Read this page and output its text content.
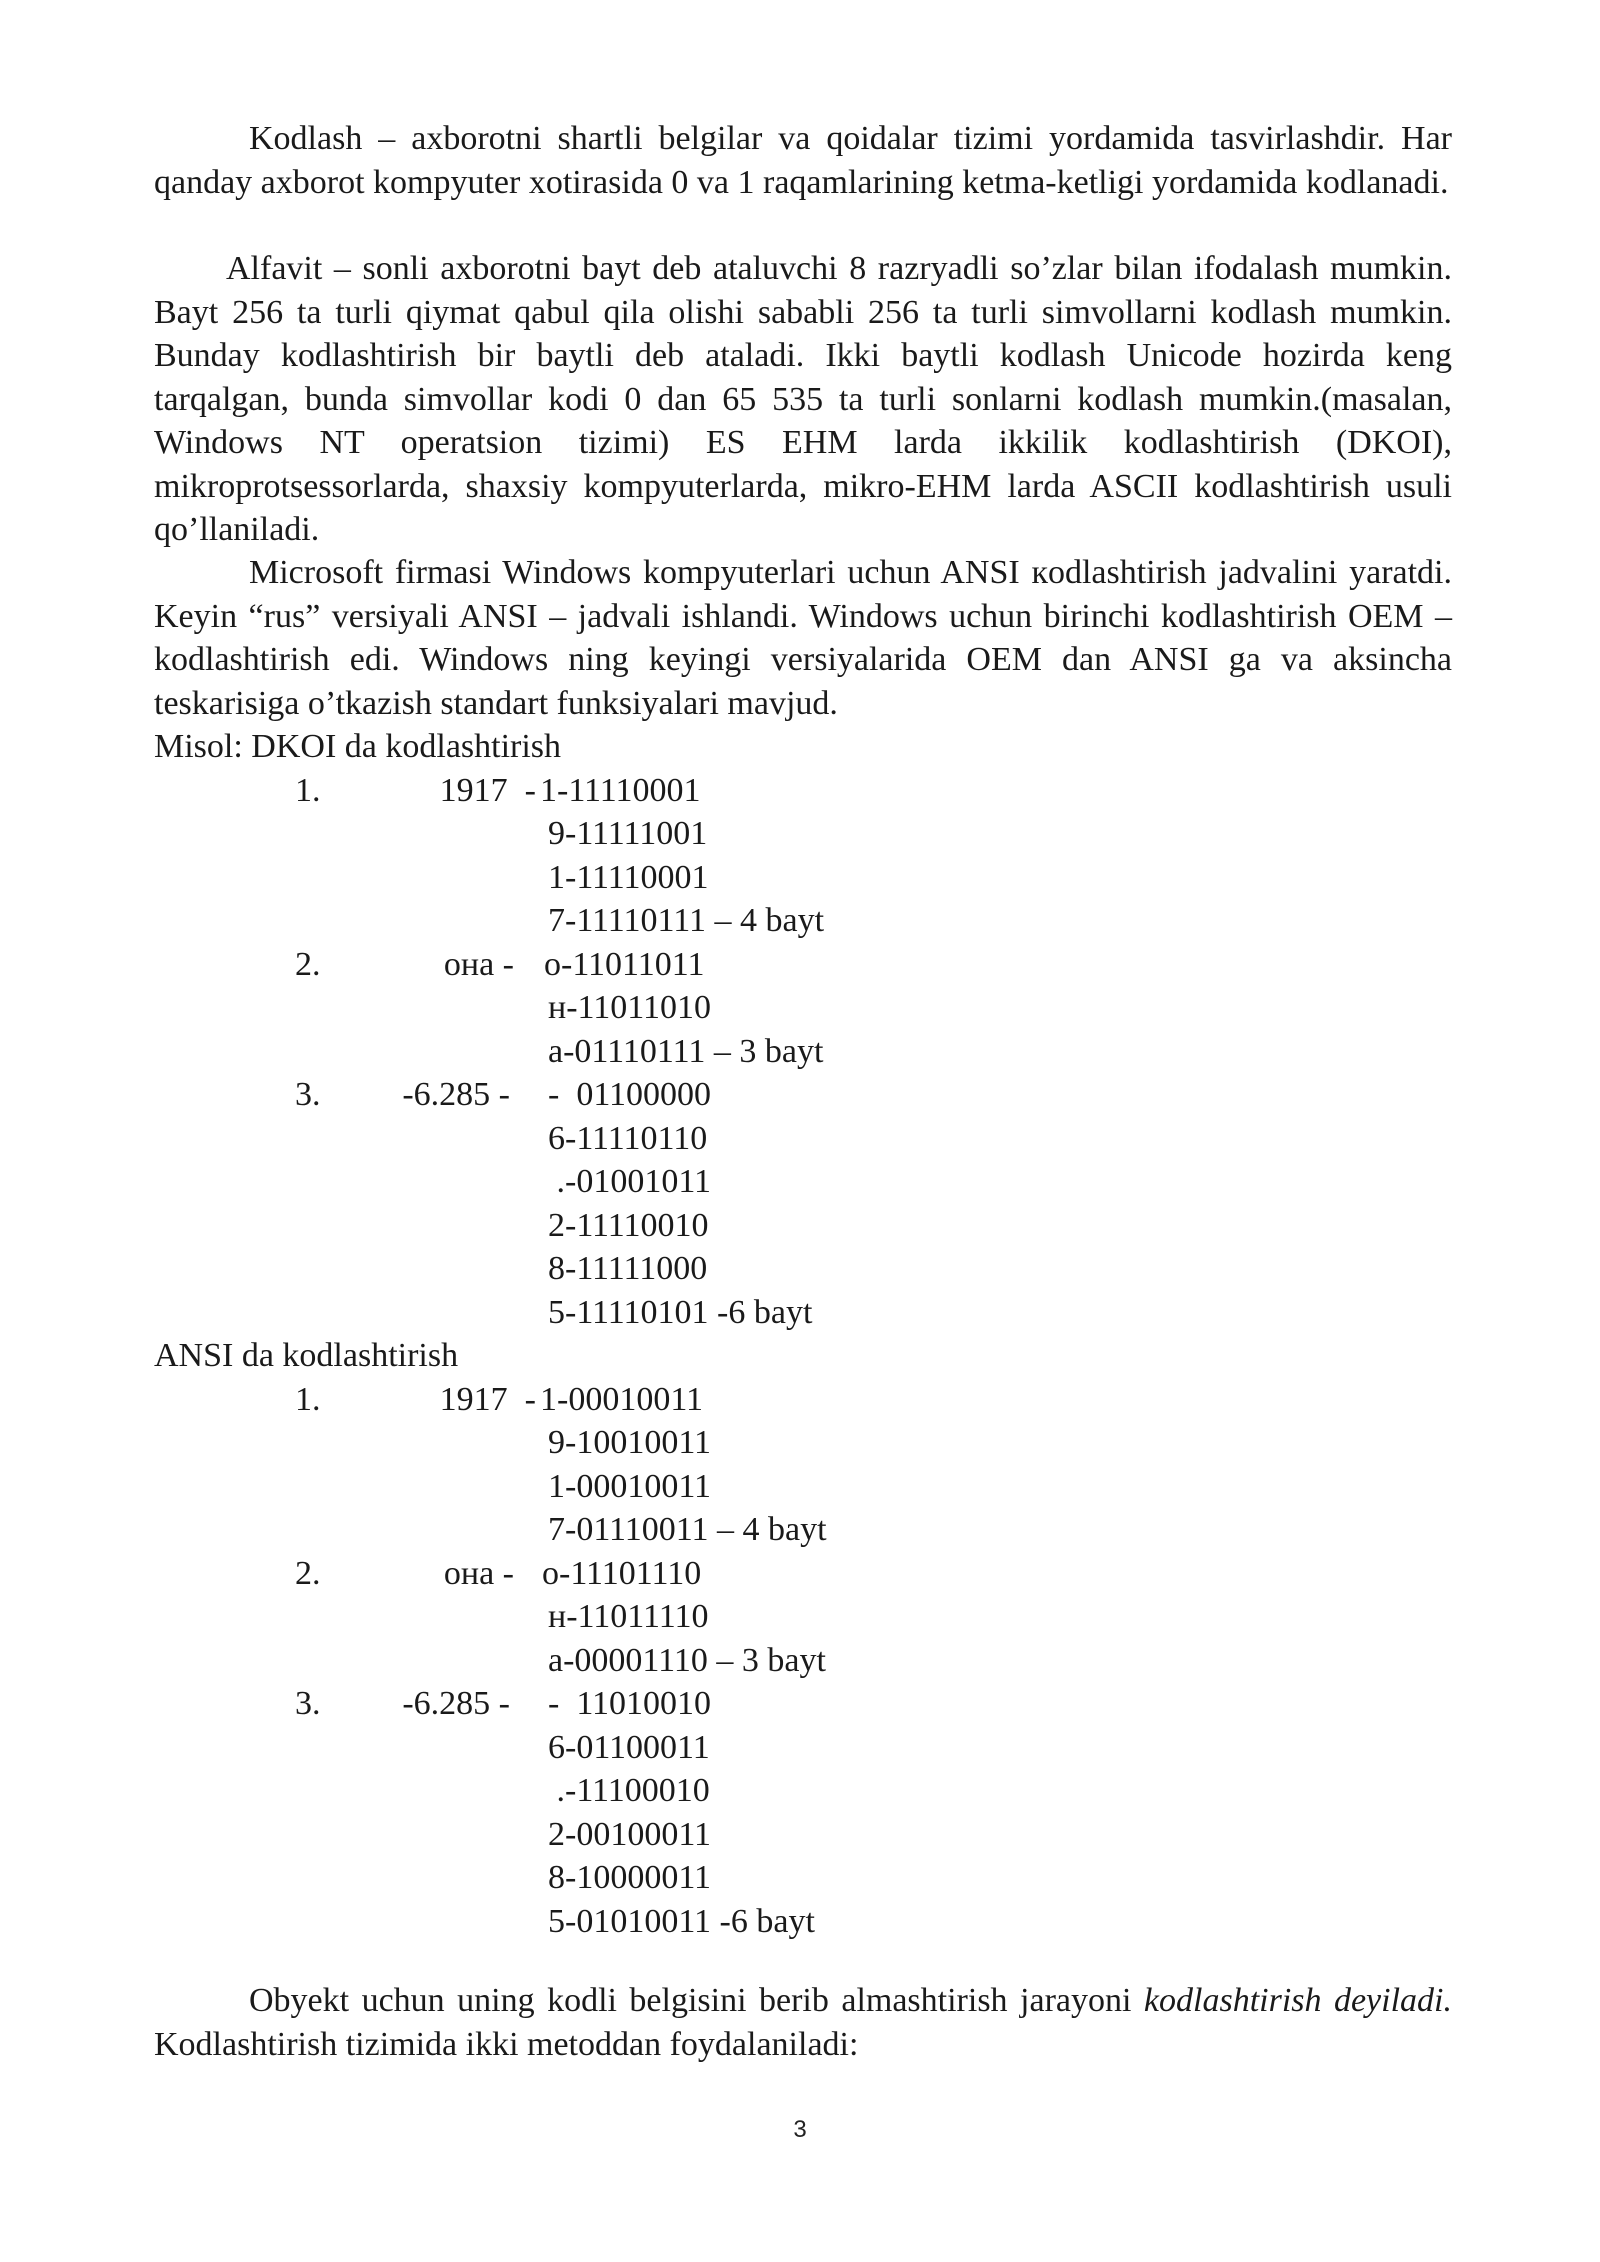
Kodlash – axborotni shartli belgilar va qoidalar tizimi yordamida tasvirlashdir. Har qanday axborot kompyuter xotirasida 0 va 1 raqamlarining ketma-ketligi yordamida kodlanadi.

Alfavit – sonli axborotni bayt deb ataluvchi 8 razryadli so’zlar bilan ifodalash mumkin. Bayt 256 ta turli qiymat qabul qila olishi sababli 256 ta turli simvollarni kodlash mumkin. Bunday kodlashtirish bir baytli deb ataladi. Ikki baytli kodlash Unicode hozirda keng tarqalgan, bunda simvollar kodi 0 dan 65 535 ta turli sonlarni kodlash mumkin.(masalan, Windows NT operatsion tizimi) ES EHM larda ikkilik kodlashtirish (DKOI), mikroprotsessorlarda, shaxsiy kompyuterlarda, mikro-EHM larda ASCII kodlashtirish usuli qo’llaniladi.

Microsoft firmasi Windows kompyuterlari uchun ANSI кodlashtirish jadvalini yaratdi. Keyin “rus” versiyali ANSI – jadvali ishlandi. Windows uchun birinchi kodlashtirish OEM – kodlashtirish edi. Windows ning keyingi versiyalarida OEM dan ANSI ga va aksincha teskarisiga o’tkazish standart funksiyalari mavjud.

Misol: DKOI da kodlashtirish
1.	1917  - 1-11110001
9-11111001
1-11110001
7-11110111 – 4 bayt
2.	она - о-11011011
н-11011010
а-01110111 – 3 bayt
3.	-6.285 - -  01100000
6-11110110
.-01001011
2-11110010
8-11111000
5-11110101 -6 bayt
ANSI da kodlashtirish
1.	1917  - 1-00010011
9-10010011
1-00010011
7-01110011 – 4 bayt
2.	она - о-11101110
н-11011110
а-00001110 – 3 bayt
3.	-6.285 - -  11010010
6-01100011
.-11100010
2-00100011
8-10000011
5-01010011 -6 bayt

Obyekt uchun uning kodli belgisini berib almashtirish jarayoni kodlashtirish deyiladi. Kodlashtirish tizimida ikki metoddan foydalaniladi:

3
